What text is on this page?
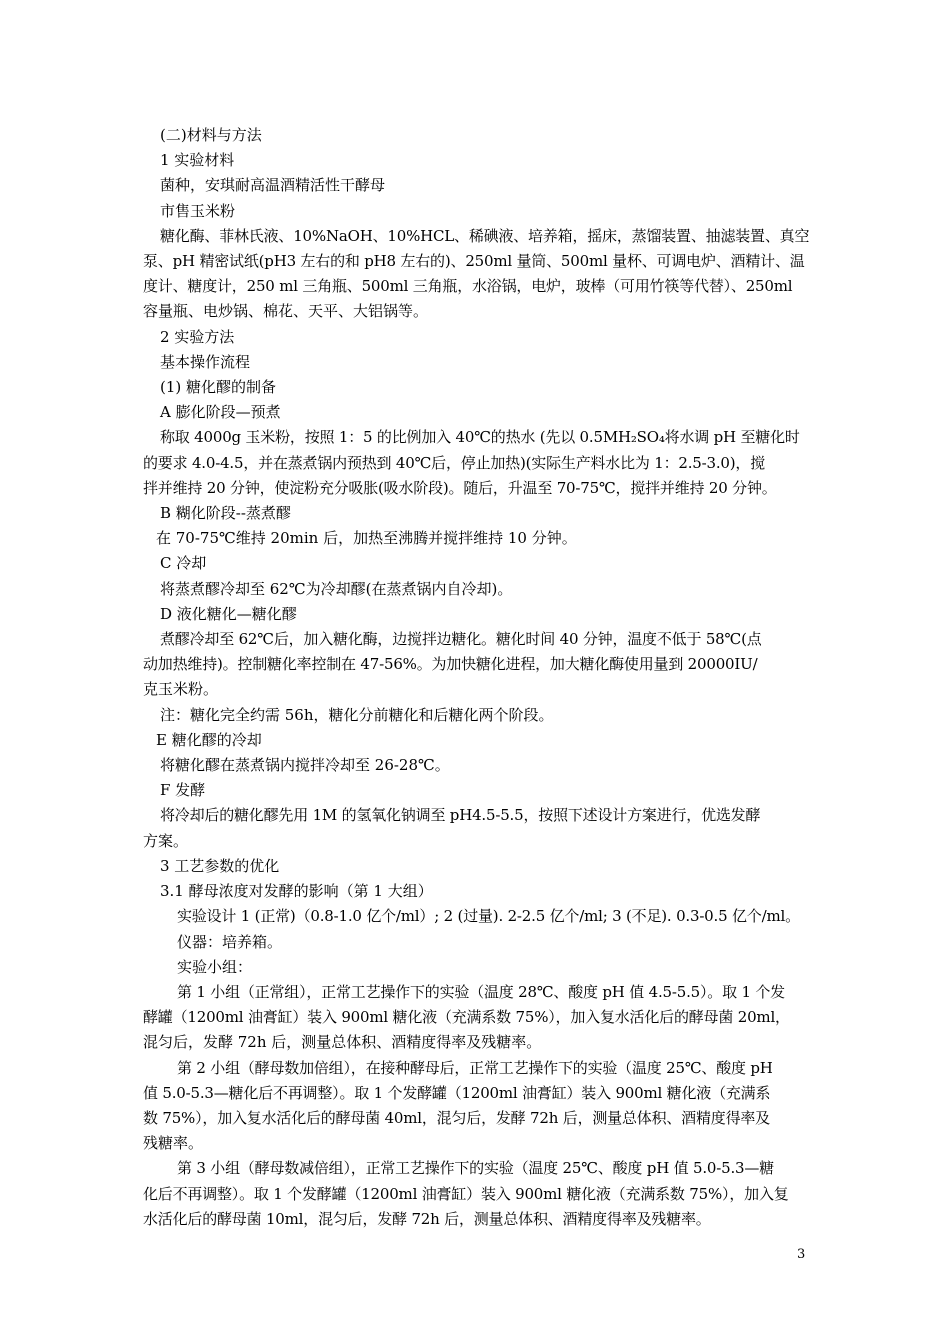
(二)材料与方法

1 实验材料

菌种，安琪耐高温酒精活性干酵母

市售玉米粉

糖化酶、菲林氏液、10%NaOH、10%HCL、稀碘液、培养箱，摇床，蒸馏装置、抽滤装置、真空

泵、pH 精密试纸(pH3 左右的和 pH8 左右的)、250ml 量筒、500ml 量杯、可调电炉、酒精计、温

度计、糖度计，250 ml 三角瓶、500ml 三角瓶，水浴锅，电炉，玻棒（可用竹筷等代替）、250ml

容量瓶、电炒锅、棉花、天平、大铝锅等。

2 实验方法

基本操作流程

(1) 糖化醪的制备

A 膨化阶段—预煮

称取 4000g 玉米粉，按照 1：5 的比例加入 40℃的热水 (先以 0.5MH₂SO₄将水调 pH 至糖化时

的要求 4.0-4.5，并在蒸煮锅内预热到 40℃后，停止加热)(实际生产料水比为 1：2.5-3.0)，搅

拌并维持 20 分钟，使淀粉充分吸胀(吸水阶段)。随后，升温至 70-75℃，搅拌并维持 20 分钟。

B 糊化阶段--蒸煮醪

在 70-75℃维持 20min 后，加热至沸腾并搅拌维持 10 分钟。

C 冷却

将蒸煮醪冷却至 62℃为冷却醪(在蒸煮锅内自冷却)。

D 液化糖化—糖化醪

煮醪冷却至 62℃后，加入糖化酶，边搅拌边糖化。糖化时间 40 分钟，温度不低于 58℃(点

动加热维持)。控制糖化率控制在 47-56%。为加快糖化进程，加大糖化酶使用量到 20000IU/

克玉米粉。

注：糖化完全约需 56h，糖化分前糖化和后糖化两个阶段。

E 糖化醪的冷却

将糖化醪在蒸煮锅内搅拌冷却至 26-28℃。

F 发酵

将冷却后的糖化醪先用 1M 的氢氧化钠调至 pH4.5-5.5，按照下述设计方案进行，优选发酵

方案。

3 工艺参数的优化

3.1 酵母浓度对发酵的影响（第 1 大组）

实验设计 1 (正常)（0.8-1.0 亿个/ml）; 2 (过量). 2-2.5 亿个/ml; 3 (不足). 0.3-0.5 亿个/ml。

仪器：培养箱。

实验小组：

第 1 小组（正常组），正常工艺操作下的实验（温度 28℃、酸度 pH 值 4.5-5.5）。取 1 个发

酵罐（1200ml 油膏缸）装入 900ml 糖化液（充满系数 75%），加入复水活化后的酵母菌 20ml，

混匀后，发酵 72h 后，测量总体积、酒精度得率及残糖率。

第 2 小组（酵母数加倍组），在接种酵母后，正常工艺操作下的实验（温度 25℃、酸度 pH

值 5.0-5.3—糖化后不再调整）。取 1 个发酵罐（1200ml 油膏缸）装入 900ml 糖化液（充满系

数 75%），加入复水活化后的酵母菌 40ml，混匀后，发酵 72h 后，测量总体积、酒精度得率及

残糖率。

第 3 小组（酵母数减倍组），正常工艺操作下的实验（温度 25℃、酸度 pH 值 5.0-5.3—糖

化后不再调整）。取 1 个发酵罐（1200ml 油膏缸）装入 900ml 糖化液（充满系数 75%），加入复

水活化后的酵母菌 10ml，混匀后，发酵 72h 后，测量总体积、酒精度得率及残糖率。

3
